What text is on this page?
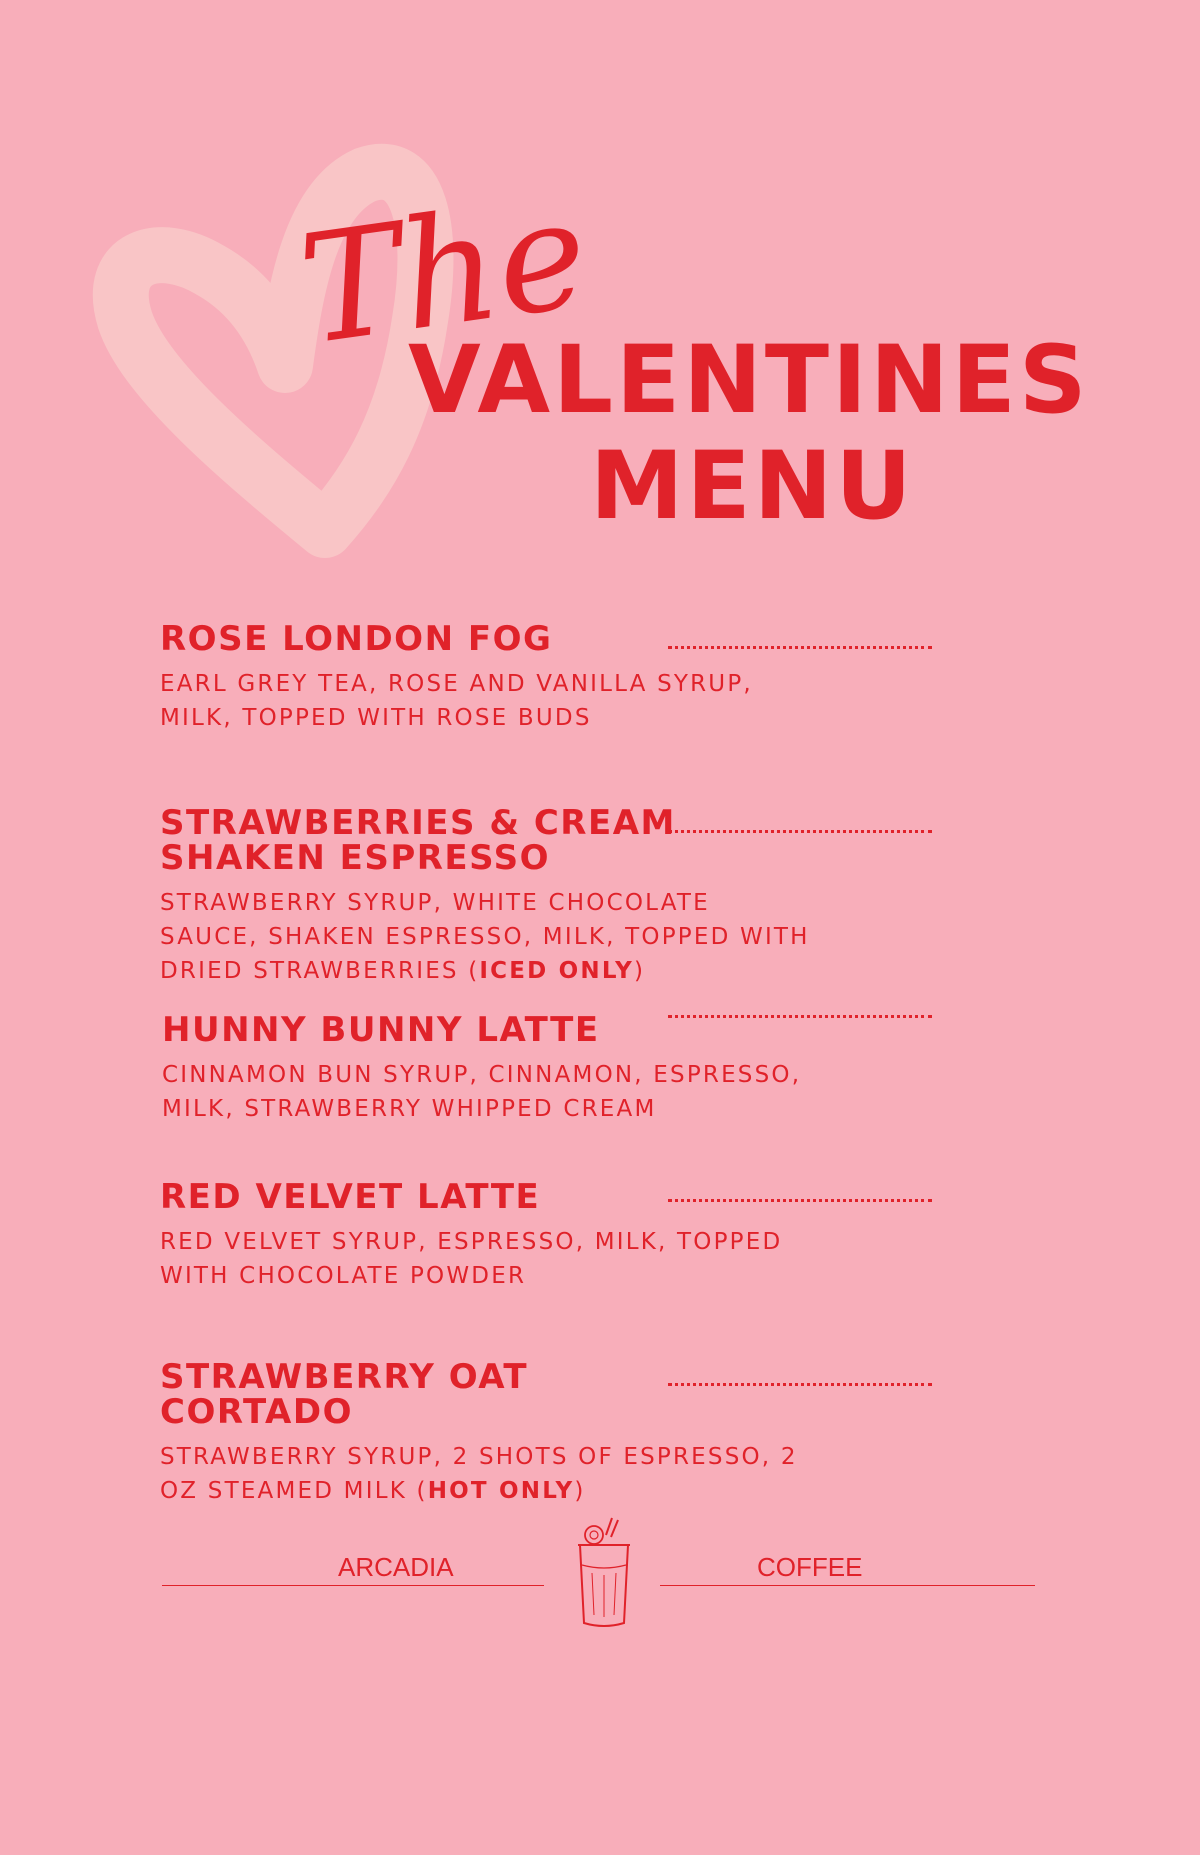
The
VALENTINES
MENU
ROSE LONDON FOG
EARL GREY TEA, ROSE AND VANILLA SYRUP,
MILK, TOPPED WITH ROSE BUDS
STRAWBERRIES & CREAM
SHAKEN ESPRESSO
STRAWBERRY SYRUP, WHITE CHOCOLATE
SAUCE, SHAKEN ESPRESSO, MILK, TOPPED WITH
DRIED STRAWBERRIES (ICED ONLY)
HUNNY BUNNY LATTE
CINNAMON BUN SYRUP, CINNAMON, ESPRESSO,
MILK, STRAWBERRY WHIPPED CREAM
RED VELVET LATTE
RED VELVET SYRUP, ESPRESSO, MILK, TOPPED
WITH CHOCOLATE POWDER
STRAWBERRY OAT
CORTADO
STRAWBERRY SYRUP, 2 SHOTS OF ESPRESSO, 2
OZ STEAMED MILK (HOT ONLY)
ARCADIA	COFFEE
